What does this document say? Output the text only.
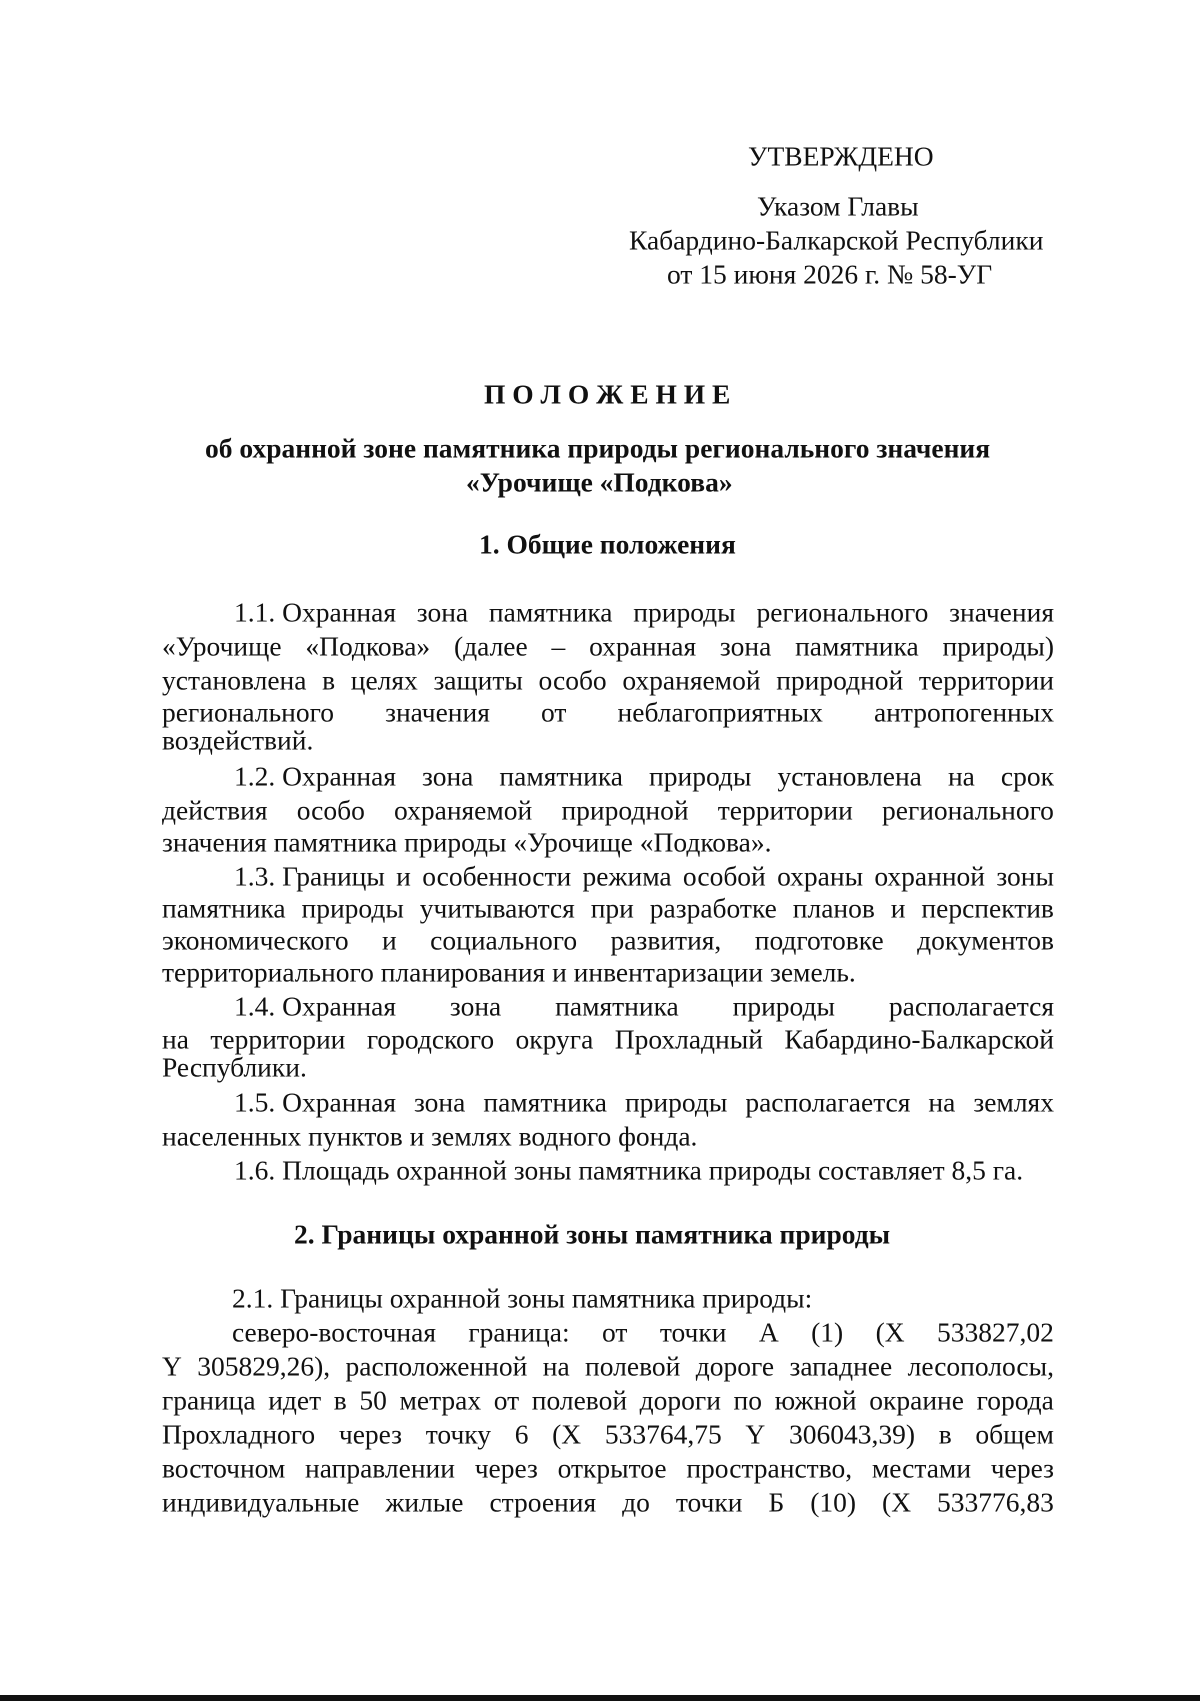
УТВЕРЖДЕНО
Указом Главы
Кабардино-Балкарской Республики
от 15 июня 2026 г. № 58-УГ
П О Л О Ж Е Н И Е
об охранной зоне памятника природы регионального значения
«Урочище «Подкова»
1. Общие положения
1.1. Охранная зона памятника природы регионального значения
«Урочище «Подкова» (далее – охранная зона памятника природы)
установлена в целях защиты особо охраняемой природной территории
регионального значения от неблагоприятных антропогенных
воздействий.
1.2. Охранная зона памятника природы установлена на срок
действия особо охраняемой природной территории регионального
значения памятника природы «Урочище «Подкова».
1.3. Границы и особенности режима особой охраны охранной зоны
памятника природы учитываются при разработке планов и перспектив
экономического и социального развития, подготовке документов
территориального планирования и инвентаризации земель.
1.4. Охранная зона памятника природы располагается
на территории городского округа Прохладный Кабардино-Балкарской
Республики.
1.5. Охранная зона памятника природы располагается на землях
населенных пунктов и землях водного фонда.
1.6. Площадь охранной зоны памятника природы составляет 8,5 га.
2. Границы охранной зоны памятника природы
2.1. Границы охранной зоны памятника природы:
северо-восточная граница: от точки А (1) (X 533827,02
Y 305829,26), расположенной на полевой дороге западнее лесополосы,
граница идет в 50 метрах от полевой дороги по южной окраине города
Прохладного через точку 6 (X 533764,75 Y 306043,39) в общем
восточном направлении через открытое пространство, местами через
индивидуальные жилые строения до точки Б (10) (X 533776,83
